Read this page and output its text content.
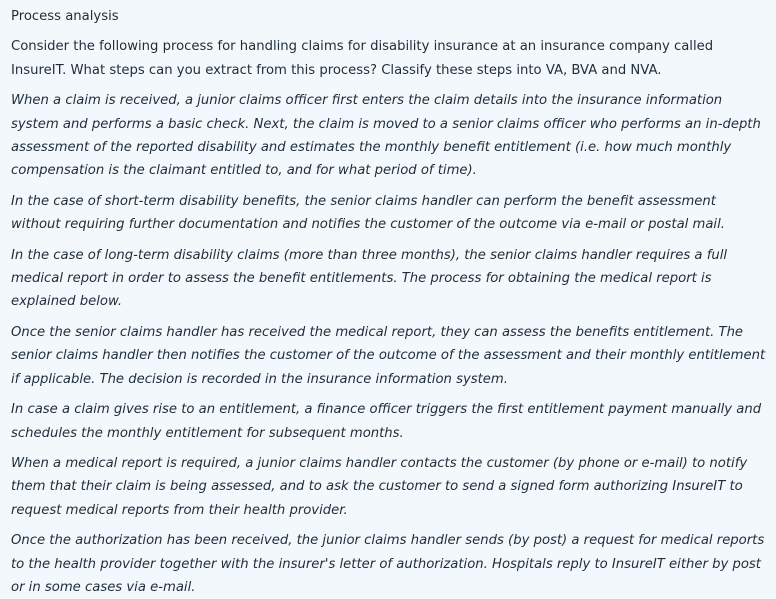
Process analysis
Consider the following process for handling claims for disability insurance at an insurance company called InsureIT. What steps can you extract from this process? Classify these steps into VA, BVA and NVA.
When a claim is received, a junior claims officer first enters the claim details into the insurance information system and performs a basic check. Next, the claim is moved to a senior claims officer who performs an in-depth assessment of the reported disability and estimates the monthly benefit entitlement (i.e. how much monthly compensation is the claimant entitled to, and for what period of time).
In the case of short-term disability benefits, the senior claims handler can perform the benefit assessment without requiring further documentation and notifies the customer of the outcome via e-mail or postal mail.
In the case of long-term disability claims (more than three months), the senior claims handler requires a full medical report in order to assess the benefit entitlements. The process for obtaining the medical report is explained below.
Once the senior claims handler has received the medical report, they can assess the benefits entitlement. The senior claims handler then notifies the customer of the outcome of the assessment and their monthly entitlement if applicable. The decision is recorded in the insurance information system.
In case a claim gives rise to an entitlement, a finance officer triggers the first entitlement payment manually and schedules the monthly entitlement for subsequent months.
When a medical report is required, a junior claims handler contacts the customer (by phone or e-mail) to notify them that their claim is being assessed, and to ask the customer to send a signed form authorizing InsureIT to request medical reports from their health provider.
Once the authorization has been received, the junior claims handler sends (by post) a request for medical reports to the health provider together with the insurer's letter of authorization. Hospitals reply to InsureIT either by post or in some cases via e-mail.
